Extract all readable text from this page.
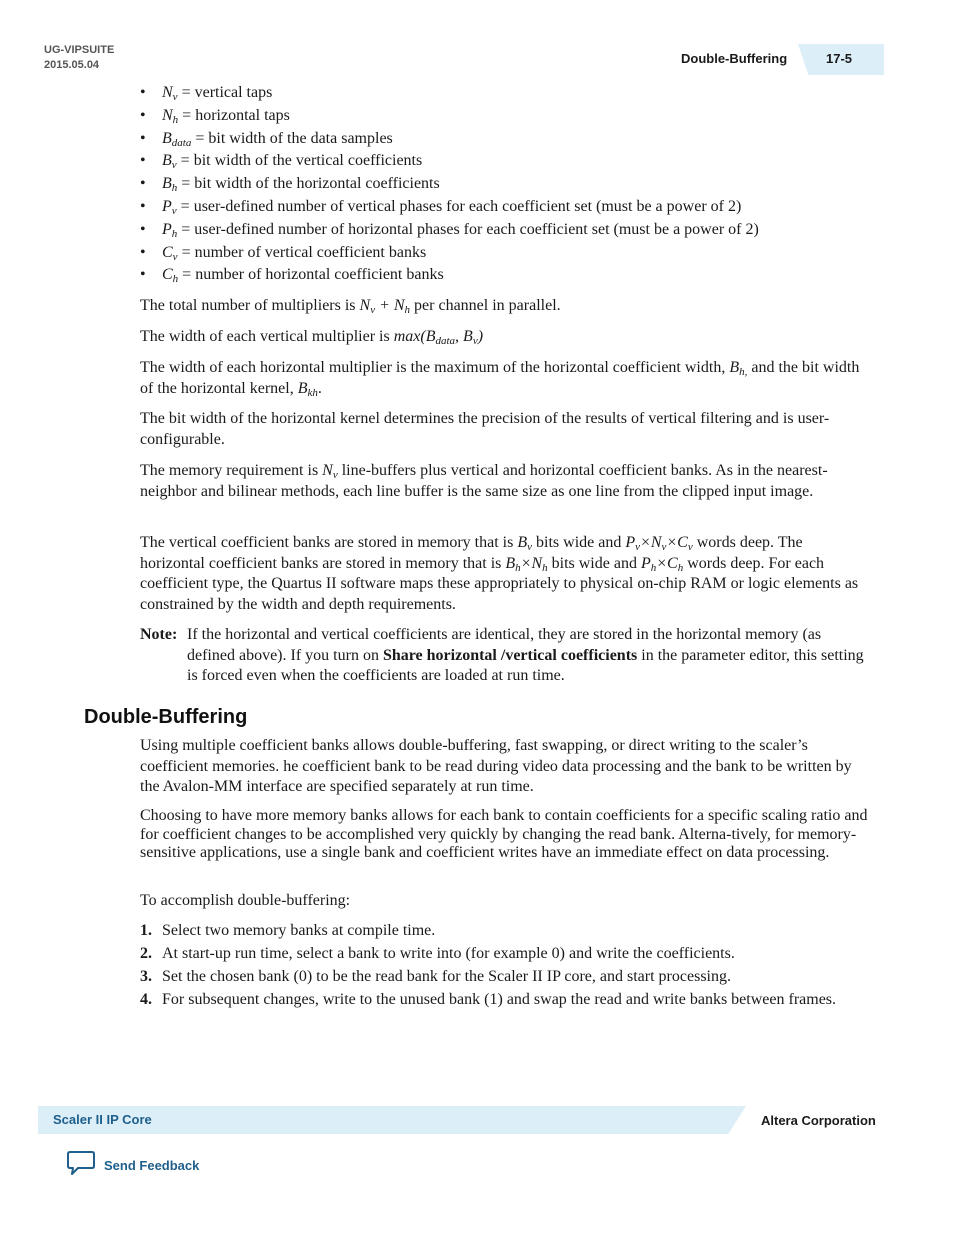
UG-VIPSUITE
2015.05.04	Double-Buffering	17-5
• $N_v$ = vertical taps
• $N_h$ = horizontal taps
• $B_{data}$ = bit width of the data samples
• $B_v$ = bit width of the vertical coefficients
• $B_h$ = bit width of the horizontal coefficients
• $P_v$ = user-defined number of vertical phases for each coefficient set (must be a power of 2)
• $P_h$ = user-defined number of horizontal phases for each coefficient set (must be a power of 2)
• $C_v$ = number of vertical coefficient banks
• $C_h$ = number of horizontal coefficient banks

The total number of multipliers is $N_v + N_h$ per channel in parallel.

The width of each vertical multiplier is $\max(B_{data}$, $B_v$)

The width of each horizontal multiplier is the maximum of the horizontal coefficient width, $B_{h,}$ and the bit width of the horizontal kernel, $B_{kh}$.

The bit width of the horizontal kernel determines the precision of the results of vertical filtering and is user-configurable.

The memory requirement is $N_v$ line-buffers plus vertical and horizontal coefficient banks. As in the nearest-neighbor and bilinear methods, each line buffer is the same size as one line from the clipped input image.

The vertical coefficient banks are stored in memory that is $B_v$ bits wide and $P_v\times N_v\times C_v$ words deep. The horizontal coefficient banks are stored in memory that is $B_h\times N_h$ bits wide and $P_h\times C_h$ words deep. For each coefficient type, the Quartus II software maps these appropriately to physical on-chip RAM or logic elements as constrained by the width and depth requirements.

Note: If the horizontal and vertical coefficients are identical, they are stored in the horizontal memory (as defined above). If you turn on Share horizontal /vertical coefficients in the parameter editor, this setting is forced even when the coefficients are loaded at run time.
Double-Buffering

Using multiple coefficient banks allows double-buffering, fast swapping, or direct writing to the scaler’s coefficient memories. he coefficient bank to be read during video data processing and the bank to be written by the Avalon-MM interface are specified separately at run time.

Choosing to have more memory banks allows for each bank to contain coefficients for a specific scaling ratio and for coefficient changes to be accomplished very quickly by changing the read bank. Alterna-tively, for memory-sensitive applications, use a single bank and coefficient writes have an immediate effect on data processing.

To accomplish double-buffering:

1. Select two memory banks at compile time.
2. At start-up run time, select a bank to write into (for example 0) and write the coefficients.
3. Set the chosen bank (0) to be the read bank for the Scaler II IP core, and start processing.
4. For subsequent changes, write to the unused bank (1) and swap the read and write banks between frames.
Scaler II IP Core	Altera Corporation
Send Feedback
